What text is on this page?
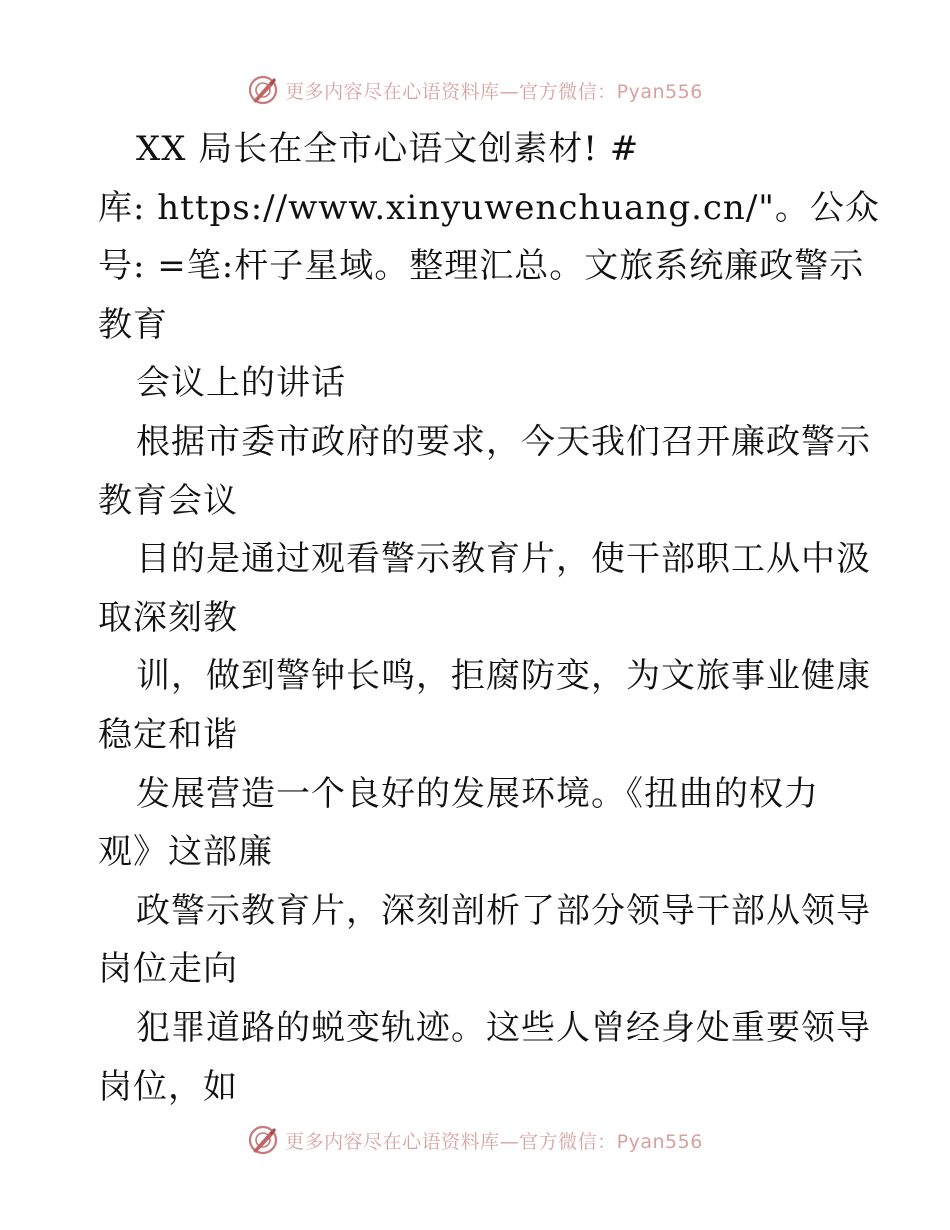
更多内容尽在心语资料库—官方微信：Pyan556
XX 局长在全市心语文创素材! #
库: https://www.xinyuwenchuang.cn/"。公众
号: =笔:杆子星域。整理汇总。文旅系统廉政警示
教育
会议上的讲话
根据市委市政府的要求，今天我们召开廉政警示
教育会议
目的是通过观看警示教育片，使干部职工从中汲
取深刻教
训，做到警钟长鸣，拒腐防变，为文旅事业健康
稳定和谐
发展营造一个良好的发展环境。《扭曲的权力
观》这部廉
政警示教育片，深刻剖析了部分领导干部从领导
岗位走向
犯罪道路的蜕变轨迹。这些人曾经身处重要领导
岗位，如
更多内容尽在心语资料库—官方微信：Pyan556
